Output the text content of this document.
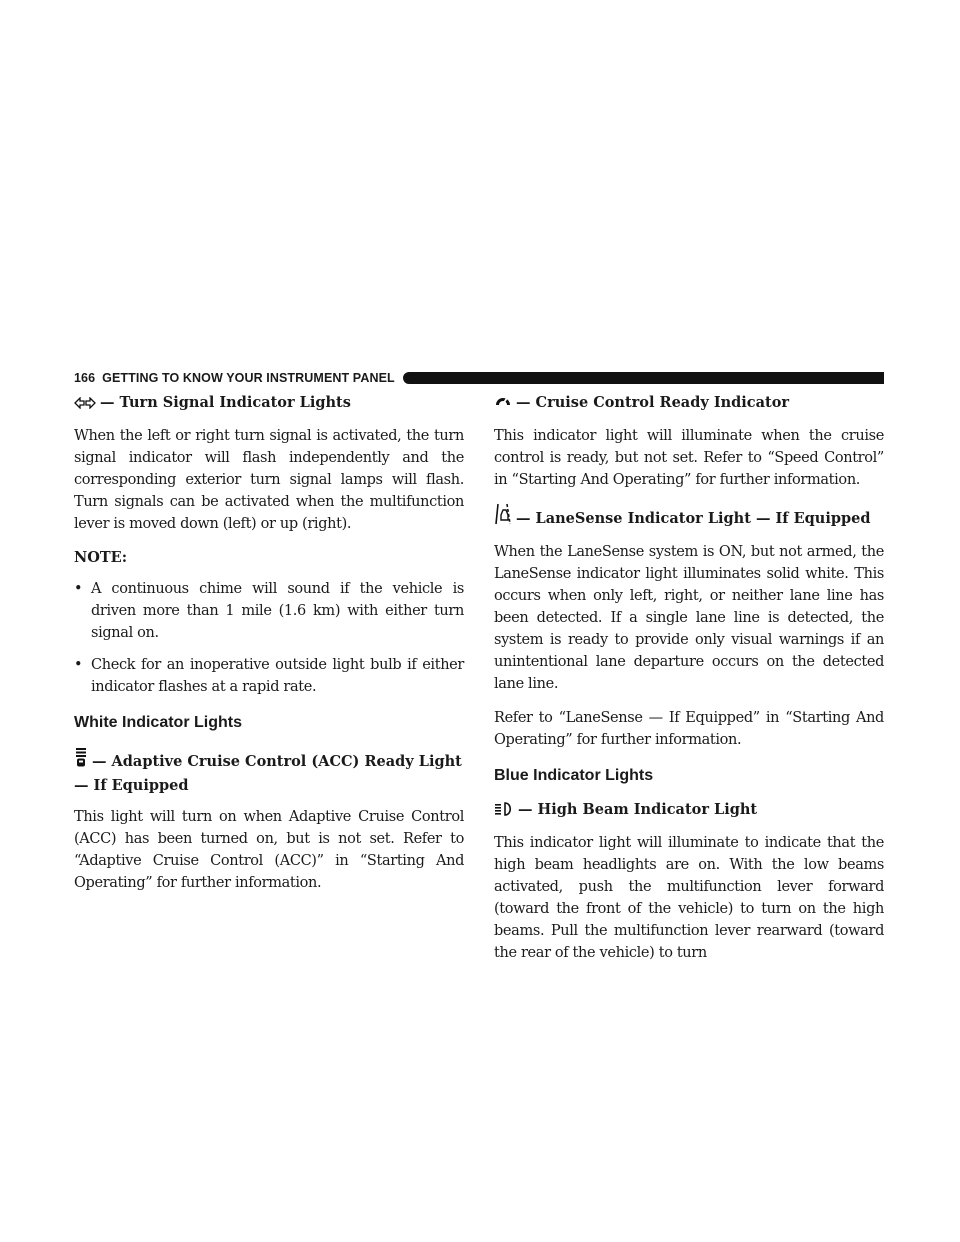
166 GETTING TO KNOW YOUR INSTRUMENT PANEL
— Turn Signal Indicator Lights

When the left or right turn signal is activated, the turn signal indicator will flash independently and the corresponding exterior turn signal lamps will flash. Turn signals can be activated when the multifunction lever is moved down (left) or up (right).

NOTE:

• A continuous chime will sound if the vehicle is driven more than 1 mile (1.6 km) with either turn signal on.
• Check for an inoperative outside light bulb if either indicator flashes at a rapid rate.
White Indicator Lights
— Adaptive Cruise Control (ACC) Ready Light — If Equipped

This light will turn on when Adaptive Cruise Control (ACC) has been turned on, but is not set. Refer to “Adaptive Cruise Control (ACC)” in “Starting And Operating” for further information.

— Cruise Control Ready Indicator

This indicator light will illuminate when the cruise control is ready, but not set. Refer to “Speed Control” in “Starting And Operating” for further information.

— LaneSense Indicator Light — If Equipped

When the LaneSense system is ON, but not armed, the LaneSense indicator light illuminates solid white. This occurs when only left, right, or neither lane line has been detected. If a single lane line is detected, the system is ready to provide only visual warnings if an unintentional lane departure occurs on the detected lane line.

Refer to “LaneSense — If Equipped” in “Starting And Operating” for further information.

Blue Indicator Lights
— High Beam Indicator Light

This indicator light will illuminate to indicate that the high beam headlights are on. With the low beams activated, push the multifunction lever forward (toward the front of the vehicle) to turn on the high beams. Pull the multifunction lever rearward (toward the rear of the vehicle) to turn
